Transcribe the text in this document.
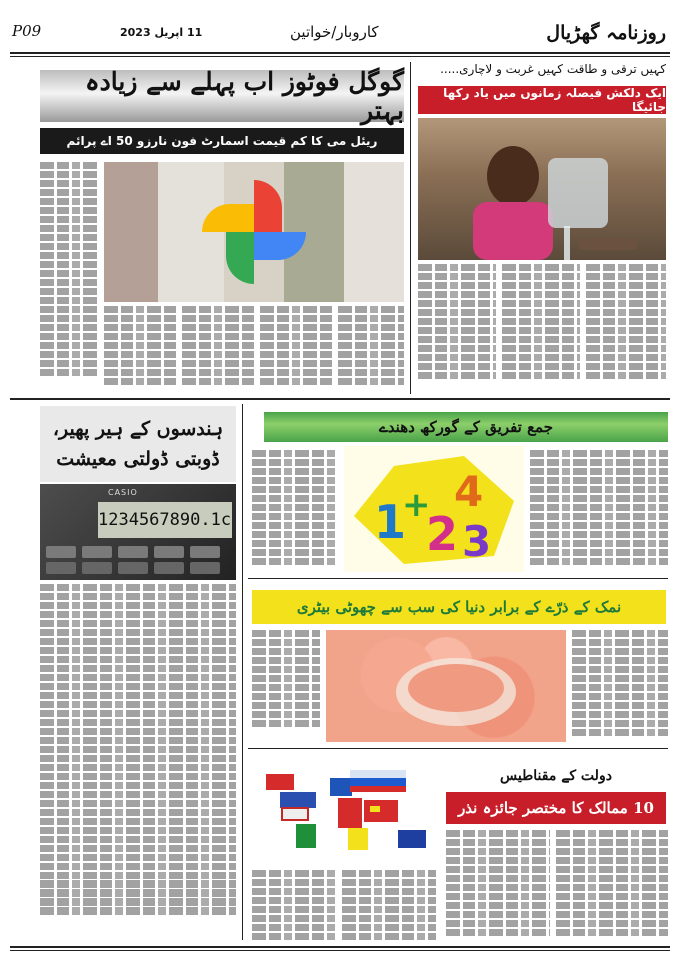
P09	11 اپریل 2023	کاروبار/خواتین	روزنامہ گھڑیال
گوگل فوٹوز اب پہلے سے زیادہ بہتر
ریئل می کا کم قیمت اسمارٹ فون نارزو 50 اے پرائم
کہیں ترقی و طاقت کہیں غربت و لاچاری.....
ایک دلکش فیصلہ زمانوں میں یاد رکھا جائیگا
ہندسوں کے ہیر پھیر،
ڈوبتی ڈولتی معیشت
CASIO
1234567890.1c
جمع تفریق کے گورکھ دھندے
1
+
2
4
3
نمک کے ذرّے کے برابر دنیا کی سب سے چھوٹی بیٹری
دولت کے مقناطیس
10 ممالک کا مختصر جائزہ نذر
